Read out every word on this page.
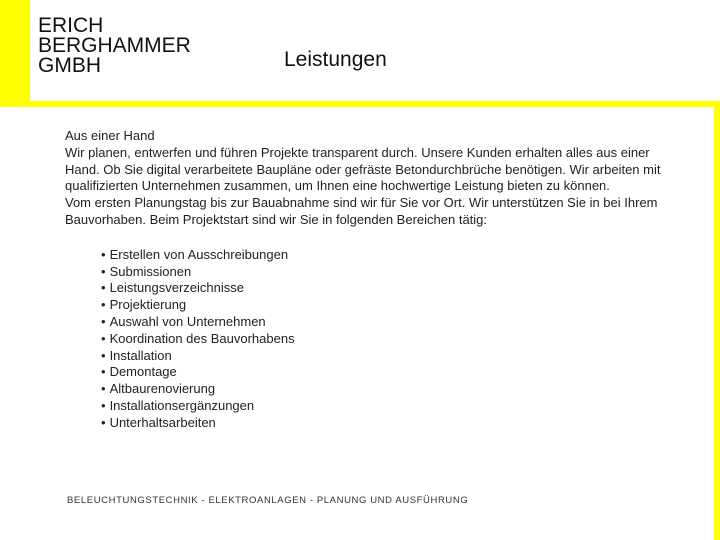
ERICH
BERGHAMMER
GMBH	Leistungen

Aus einer Hand

Wir planen, entwerfen und führen Projekte transparent durch. Unsere Kunden erhalten alles aus einer Hand. Ob Sie digital verarbeitete Baupläne oder gefräste Betondurchbrüche benötigen. Wir arbeiten mit qualifizierten Unternehmen zusammen, um Ihnen eine hochwertige Leistung bieten zu können.

Vom ersten Planungstag bis zur Bauabnahme sind wir für Sie vor Ort. Wir unterstützen Sie in bei Ihrem Bauvorhaben. Beim Projektstart sind wir Sie in folgenden Bereichen tätig:

• Erstellen von Ausschreibungen
• Submissionen
• Leistungsverzeichnisse
• Projektierung
• Auswahl von Unternehmen
• Koordination des Bauvorhabens
• Installation
• Demontage
• Altbaurenovierung
• Installationsergänzungen
• Unterhaltsarbeiten
BELEUCHTUNGSTECHNIK - ELEKTROANLAGEN - PLANUNG UND AUSFÜHRUNG
